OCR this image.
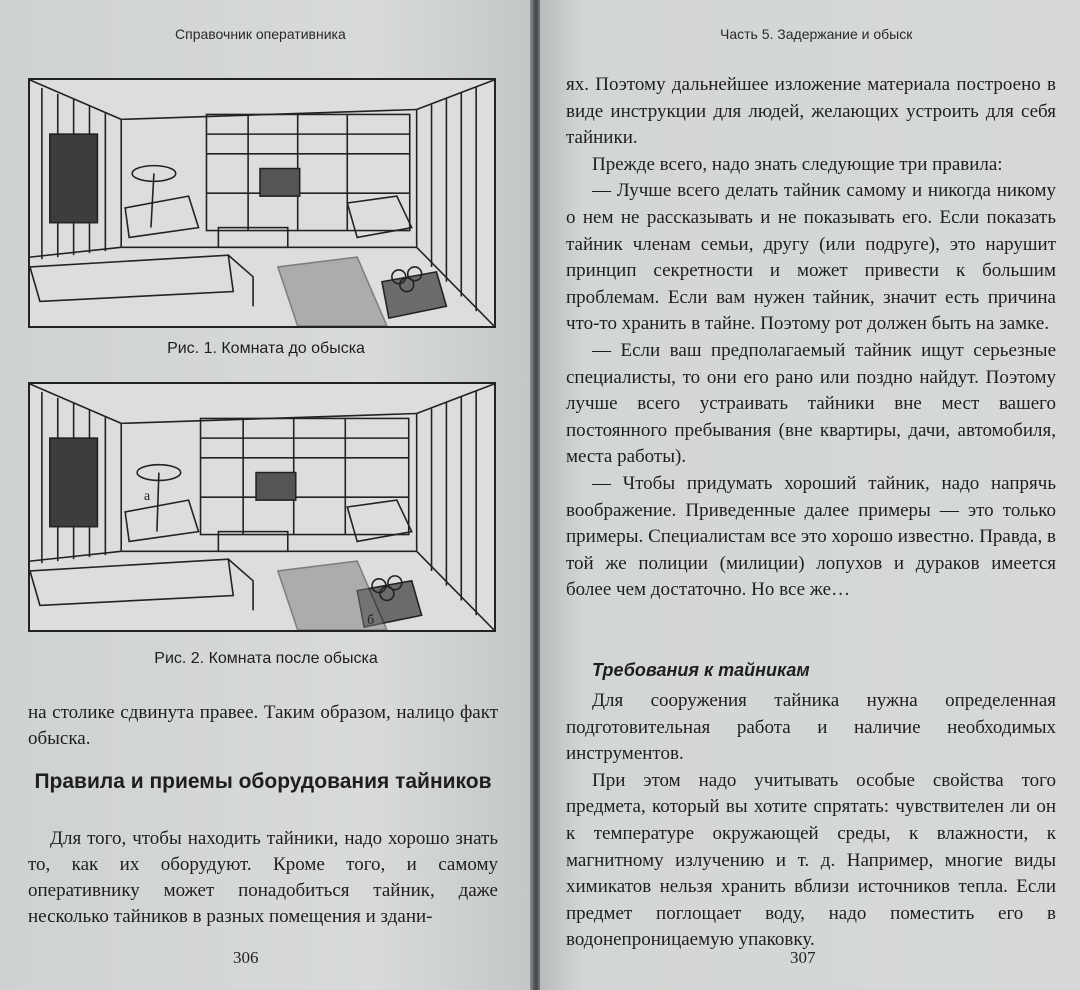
Справочник оперативника
Рис. 1. Комната до обыска
а
б
Рис. 2. Комната после обыска
на столике сдвинута правее. Таким образом, налицо факт обыска.
Правила и приемы оборудования тайников
Для того, чтобы находить тайники, надо хорошо знать то, как их оборудуют. Кроме того, и самому оперативнику может понадобиться тайник, даже несколько тайников в разных помещения и здани-
306
Часть 5. Задержание и обыск

ях. Поэтому дальнейшее изложение материала построено в виде инструкции для людей, желающих устроить для себя тайники.

Прежде всего, надо знать следующие три правила:

— Лучше всего делать тайник самому и никогда никому о нем не рассказывать и не показывать его. Если показать тайник членам семьи, другу (или подруге), это нарушит принцип секретности и может привести к большим проблемам. Если вам нужен тайник, значит есть причина что-то хранить в тайне. Поэтому рот должен быть на замке.

— Если ваш предполагаемый тайник ищут серьезные специалисты, то они его рано или поздно найдут. Поэтому лучше всего устраивать тайники вне мест вашего постоянного пребывания (вне квартиры, дачи, автомобиля, места работы).

— Чтобы придумать хороший тайник, надо напрячь воображение. Приведенные далее примеры — это только примеры. Специалистам все это хорошо известно. Правда, в той же полиции (милиции) лопухов и дураков имеется более чем достаточно. Но все же…

Требования к тайникам

Для сооружения тайника нужна определенная подготовительная работа и наличие необходимых инструментов.

При этом надо учитывать особые свойства того предмета, который вы хотите спрятать: чувствителен ли он к температуре окружающей среды, к влажности, к магнитному излучению и т. д. Например, многие виды химикатов нельзя хранить вблизи источников тепла. Если предмет поглощает воду, надо поместить его в водонепроницаемую упаковку.

307
